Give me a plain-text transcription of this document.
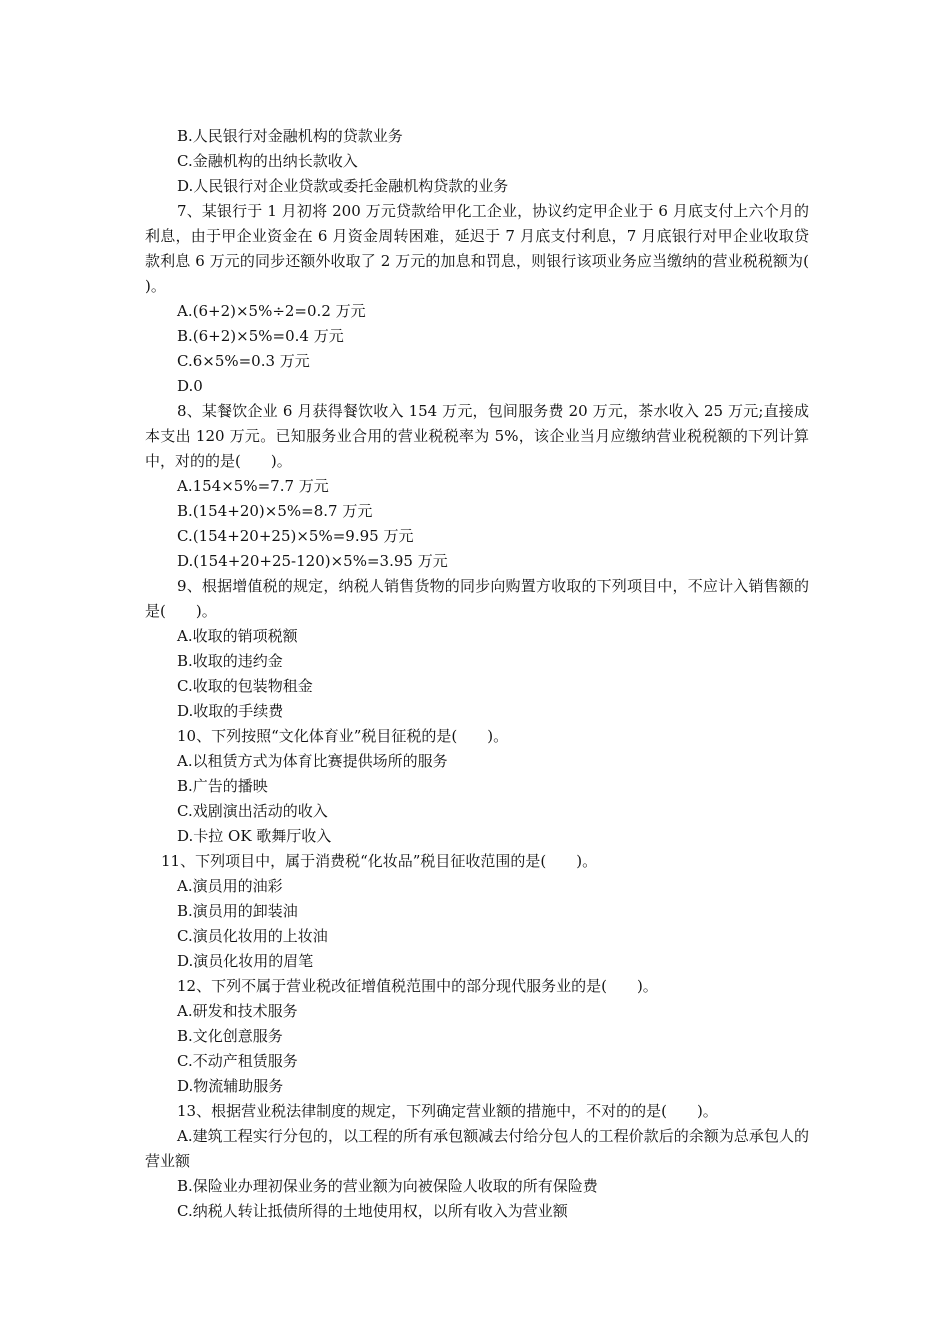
B.人民银行对金融机构的贷款业务

C.金融机构的出纳长款收入

D.人民银行对企业贷款或委托金融机构贷款的业务

7、某银行于 1 月初将 200 万元贷款给甲化工企业，协议约定甲企业于 6 月底支付上六个月的利息，由于甲企业资金在 6 月资金周转困难，延迟于 7 月底支付利息，7 月底银行对甲企业收取贷款利息 6 万元的同步还额外收取了 2 万元的加息和罚息，则银行该项业务应当缴纳的营业税税额为(　　)。

A.(6+2)×5%÷2=0.2 万元

B.(6+2)×5%=0.4 万元

C.6×5%=0.3 万元

D.0

8、某餐饮企业 6 月获得餐饮收入 154 万元，包间服务费 20 万元，茶水收入 25 万元;直接成本支出 120 万元。已知服务业合用的营业税税率为 5%，该企业当月应缴纳营业税税额的下列计算中，对的的是(　　)。

A.154×5%=7.7 万元

B.(154+20)×5%=8.7 万元

C.(154+20+25)×5%=9.95 万元

D.(154+20+25-120)×5%=3.95 万元

9、根据增值税的规定，纳税人销售货物的同步向购置方收取的下列项目中，不应计入销售额的是(　　)。

A.收取的销项税额

B.收取的违约金

C.收取的包装物租金

D.收取的手续费

10、下列按照“文化体育业”税目征税的是(　　)。

A.以租赁方式为体育比赛提供场所的服务

B.广告的播映

C.戏剧演出活动的收入

D.卡拉 OK 歌舞厅收入

11、下列项目中，属于消费税“化妆品”税目征收范围的是(　　)。

A.演员用的油彩

B.演员用的卸装油

C.演员化妆用的上妆油

D.演员化妆用的眉笔

12、下列不属于营业税改征增值税范围中的部分现代服务业的是(　　)。

A.研发和技术服务

B.文化创意服务

C.不动产租赁服务

D.物流辅助服务

13、根据营业税法律制度的规定，下列确定营业额的措施中，不对的的是(　　)。

A.建筑工程实行分包的，以工程的所有承包额减去付给分包人的工程价款后的余额为总承包人的营业额

B.保险业办理初保业务的营业额为向被保险人收取的所有保险费

C.纳税人转让抵债所得的土地使用权，以所有收入为营业额
